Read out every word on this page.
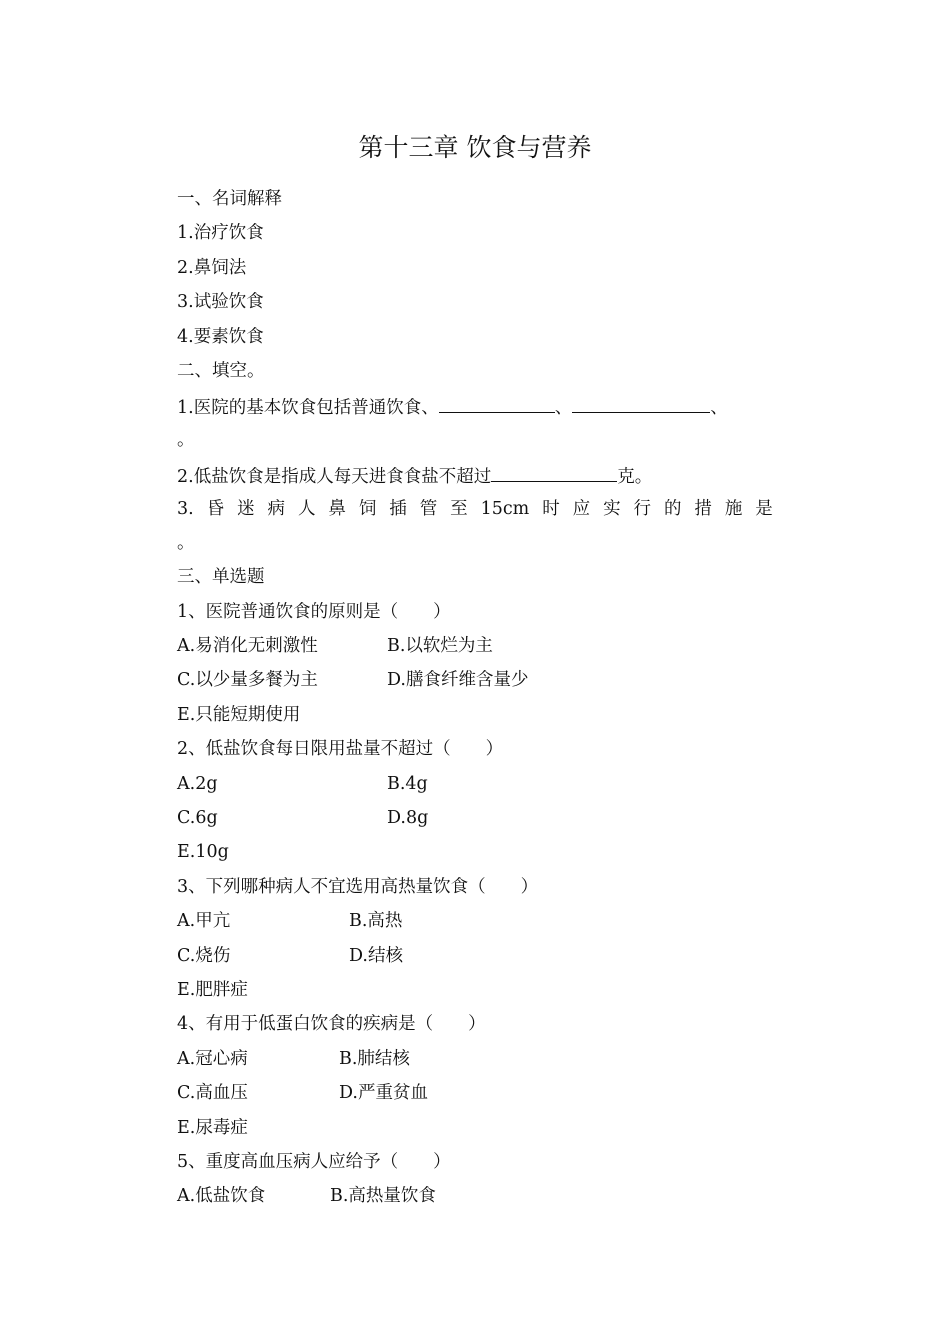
第十三章 饮食与营养
一、名词解释
1.治疗饮食
2.鼻饲法
3.试验饮食
4.要素饮食
二、填空。
1.医院的基本饮食包括普通饮食、	、	、
。
2.低盐饮食是指成人每天进食食盐不超过	克。
3. 昏 迷 病 人 鼻 饲 插 管 至 15cm 时 应 实 行 的 措 施 是
。
三、单选题
1、医院普通饮食的原则是（　　）
A.易消化无刺激性	B.以软烂为主
C.以少量多餐为主	D.膳食纤维含量少
E.只能短期使用
2、低盐饮食每日限用盐量不超过（　　）
A.2g	B.4g
C.6g	D.8g
E.10g
3、下列哪种病人不宜选用高热量饮食（　　）
A.甲亢	B.高热
C.烧伤	D.结核
E.肥胖症
4、有用于低蛋白饮食的疾病是（　　）
A.冠心病	B.肺结核
C.高血压	D.严重贫血
E.尿毒症
5、重度高血压病人应给予（　　）
A.低盐饮食	B.高热量饮食
